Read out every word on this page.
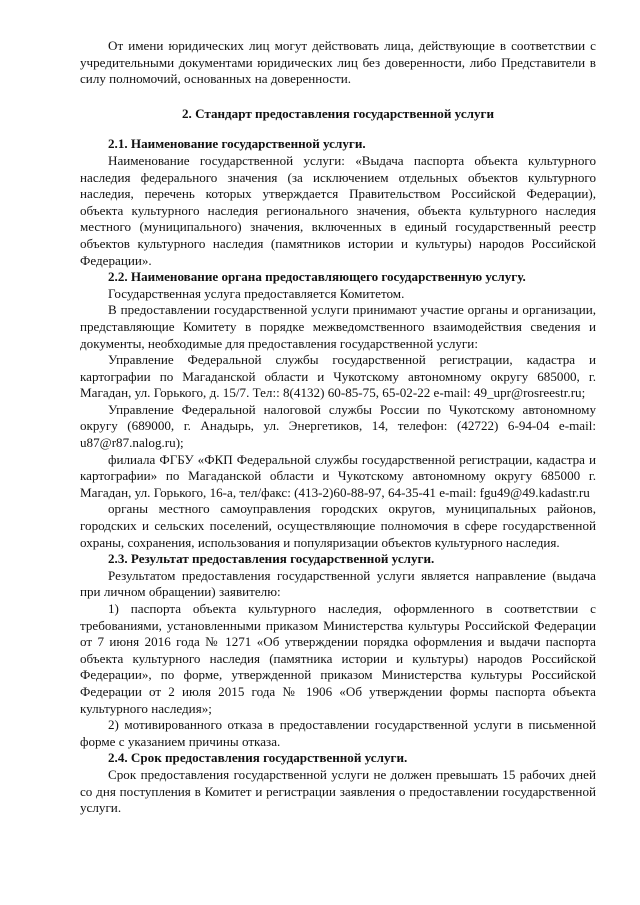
От имени юридических лиц могут действовать лица, действующие в соответствии с учредительными документами юридических лиц без доверенности, либо Представители в силу полномочий, основанных на доверенности.

2. Стандарт предоставления государственной услуги

2.1. Наименование государственной услуги.

Наименование государственной услуги: «Выдача паспорта объекта культурного наследия федерального значения (за исключением отдельных объектов культурного наследия, перечень которых утверждается Правительством Российской Федерации), объекта культурного наследия регионального значения, объекта культурного наследия местного (муниципального) значения, включенных в единый государственный реестр объектов культурного наследия (памятников истории и культуры) народов Российской Федерации».

2.2. Наименование органа предоставляющего государственную услугу.

Государственная услуга предоставляется Комитетом.

В предоставлении государственной услуги принимают участие органы и организации, представляющие Комитету в порядке межведомственного взаимодействия сведения и документы, необходимые для предоставления государственной услуги:

Управление Федеральной службы государственной регистрации, кадастра и картографии по Магаданской области и Чукотскому автономному округу 685000, г. Магадан, ул. Горького, д. 15/7. Тел:: 8(4132) 60-85-75, 65-02-22 e-mail: 49_upr@rosreestr.ru;

Управление Федеральной налоговой службы России по Чукотскому автономному округу (689000, г. Анадырь, ул. Энергетиков, 14, телефон: (42722) 6-94-04 e-mail: u87@r87.nalog.ru);

филиала ФГБУ «ФКП Федеральной службы государственной регистрации, кадастра и картографии» по Магаданской области и Чукотскому автономному округу 685000 г. Магадан, ул. Горького, 16-а, тел/факс: (413-2)60-88-97, 64-35-41 e-mail: fgu49@49.kadastr.ru

органы местного самоуправления городских округов, муниципальных районов, городских и сельских поселений, осуществляющие полномочия в сфере государственной охраны, сохранения, использования и популяризации объектов культурного наследия.

2.3. Результат предоставления государственной услуги.

Результатом предоставления государственной услуги является направление (выдача при личном обращении) заявителю:

1) паспорта объекта культурного наследия, оформленного в соответствии с требованиями, установленными приказом Министерства культуры Российской Федерации от 7 июня 2016 года № 1271 «Об утверждении порядка оформления и выдачи паспорта объекта культурного наследия (памятника истории и культуры) народов Российской Федерации», по форме, утвержденной приказом Министерства культуры Российской Федерации от 2 июля 2015 года № 1906 «Об утверждении формы паспорта объекта культурного наследия»;

2) мотивированного отказа в предоставлении государственной услуги в письменной форме с указанием причины отказа.

2.4. Срок предоставления государственной услуги.

Срок предоставления государственной услуги не должен превышать 15 рабочих дней со дня поступления в Комитет и регистрации заявления о предоставлении государственной услуги.
